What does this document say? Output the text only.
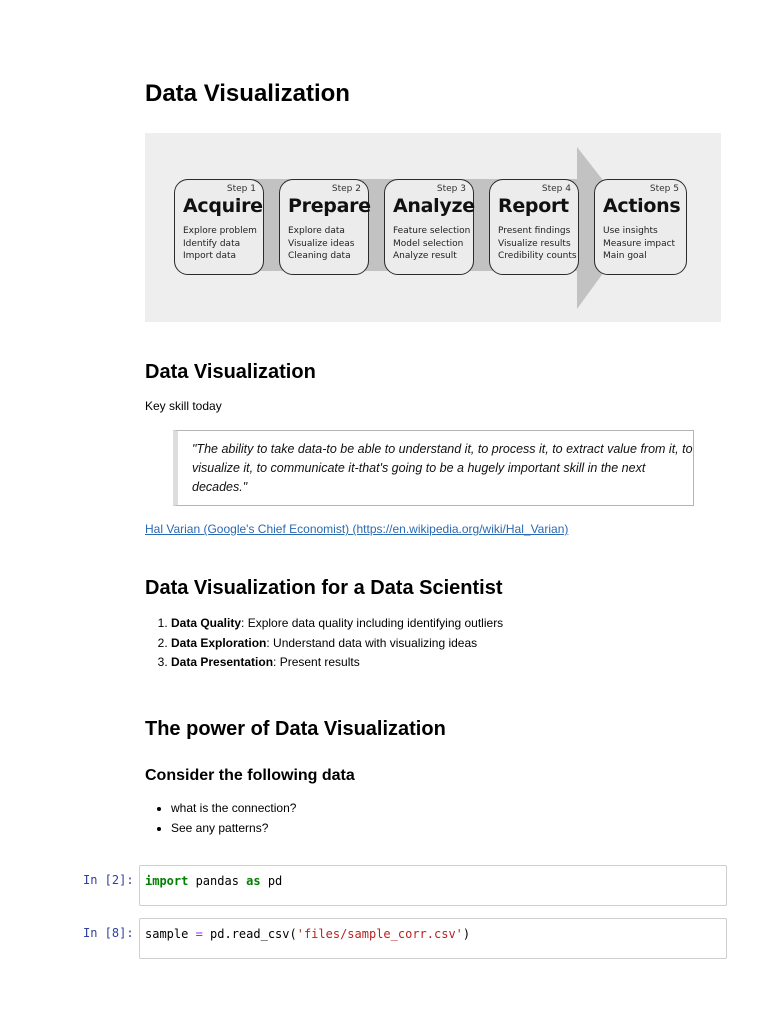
Data Visualization
Step 1
Acquire
Explore problem
Identify data
Import data
Step 2
Prepare
Explore data
Visualize ideas
Cleaning data
Step 3
Analyze
Feature selection
Model selection
Analyze result
Step 4
Report
Present findings
Visualize results
Credibility counts
Step 5
Actions
Use insights
Measure impact
Main goal
Data Visualization
Key skill today
"The ability to take data-to be able to understand it, to process it, to extract value from it, to visualize it, to communicate it-that's going to be a hugely important skill in the next decades."
Hal Varian (Google's Chief Economist) (https://en.wikipedia.org/wiki/Hal_Varian)
Data Visualization for a Data Scientist
1. Data Quality: Explore data quality including identifying outliers
2. Data Exploration: Understand data with visualizing ideas
3. Data Presentation: Present results
The power of Data Visualization
Consider the following data
• what is the connection?
• See any patterns?
In [2]: import pandas as pd
In [8]: sample = pd.read_csv('files/sample_corr.csv')
